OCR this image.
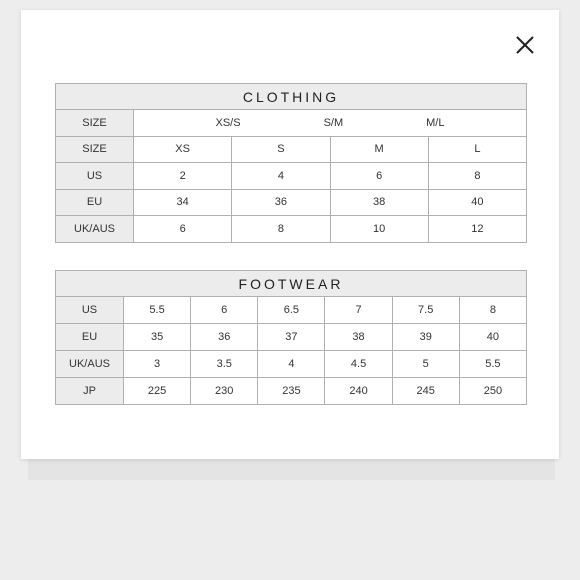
CLOTHING				
SIZE	XS/S S/M M/L			

SIZE	XS	S	M	L
US	2	4	6	8
EU	34	36	38	40
UK/AUS	6	8	10	12
FOOTWEAR						
US	5.5	6	6.5	7	7.5	8
EU	35	36	37	38	39	40
UK/AUS	3	3.5	4	4.5	5	5.5
JP	225	230	235	240	245	250
